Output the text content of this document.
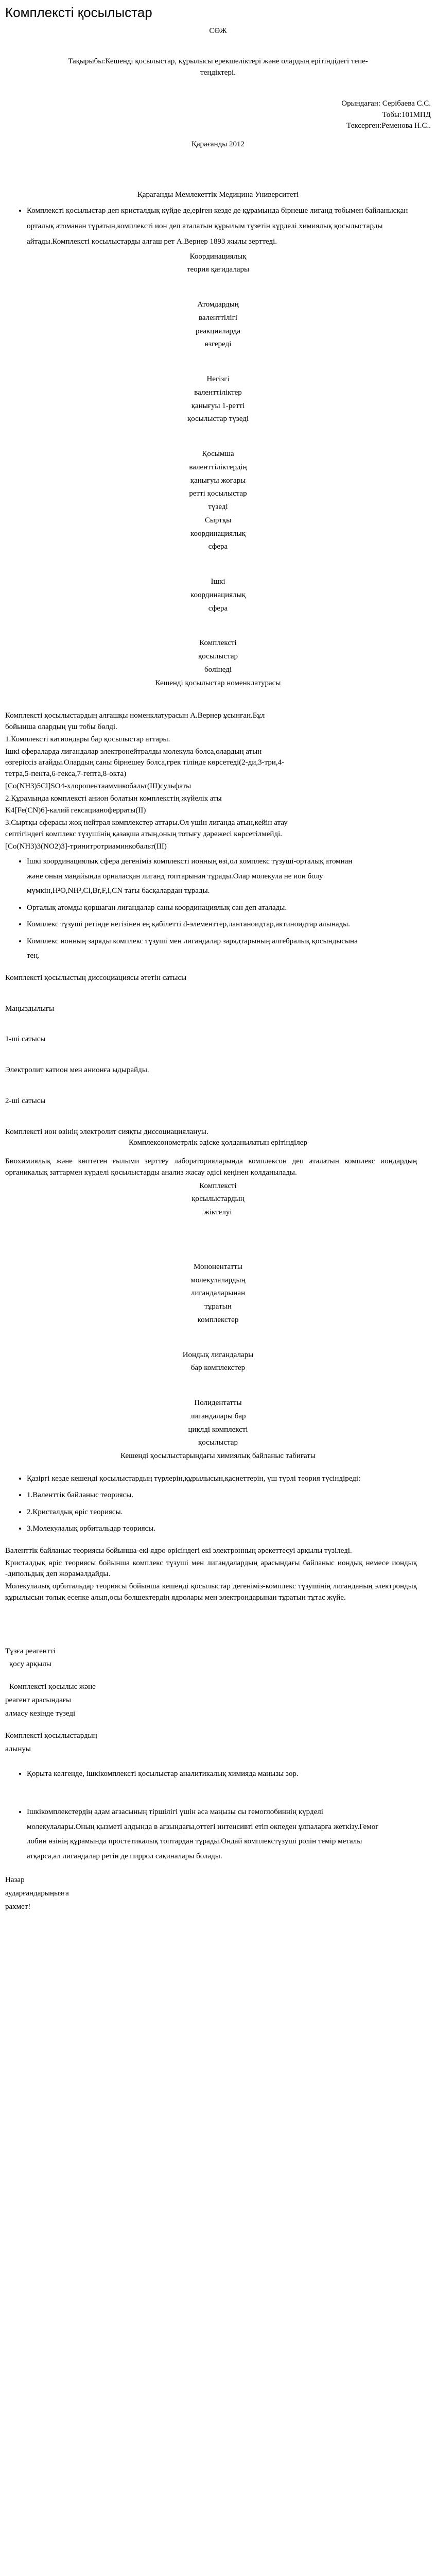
Комплексті қосылыстар

СӨЖ

Тақырыбы:Кешенді қосылыстар, құрылысы ерекшеліктері және олардың ерітіндідегі тепе-теңдіктері.

Орындаған: Серібаева С.С.

Тобы:101МПД

Тексерген:Ременова Н.С..

Қарағанды 2012

Қарағанды Мемлекеттік Медицина Университеті

• Комплексті қосылыстар деп кристалдық күйде де,еріген кезде де құрамында бірнеше лиганд тобымен байланысқан орталық атоманан тұратын,комплексті ион деп аталатын құрылым түзетін күрделі химиялық қосылыстарды айтады.Комплексті қосылыстарды алғаш рет А.Вернер 1893 жылы зерттеді.

Координациялық

теория қағидалары

Атомдардың

валенттілігі

реакцияларда

өзгереді

Негізгі

валенттіліктер

қанығуы 1-ретті

қосылыстар түзеді

Қосымша

валенттіліктердің

қанығуы жоғары

ретті қосылыстар

түзеді

Сыртқы

координациялық

сфера

Ішкі

координациялық

сфера

Комплексті

қосылыстар

бөлінеді

Кешенді қосылыстар номенклатурасы

Комплексті қосылыстардың алғашқы номенклатурасын А.Вернер ұсынған.Бұл бойынша олардың үш тобы бөлді.

1.Комплексті катиондары бар қосылыстар аттары.

Ішкі сфераларда лигандалар электронейтралды молекула болса,олардың атын өзгеріссіз атайды.Олардың саны бірнешеу болса,грек тілінде көрсетеді(2-ди,3-три,4-тетра,5-пента,6-гекса,7-гепта,8-окта)

[Co(NH3)5Cl]SO4-хлоропентааммикобальт(III)сульфаты

2.Құрамында комплексті анион болатын комплекстің жүйелік аты

K4[Fe(CN)6]-калий гексацианоферраты(II)

3.Сыртқы сферасы жоқ нейтрал комплекстер аттары.Ол ушін лиганда атын,кейін атау септігіндегі комплекс түзушінің қазақша атың,оның тотығу дәрежесі көрсетілмейді.

[Co(NH3)3(NO2)3]-тринитротриаминкобальт(III)

• Ішкі координациялық сфера дегеніміз комплексті ионның өзі,ол комплекс түзуші-орталық атомнан және оның маңайында орналасқан лиганд топтарынан тұрады.Олар молекула не ион болу мүмкін,H²O,NH³,Cl,Br,F,I,CN тағы басқалардан тұрады.
• Орталық атомды қоршаған лигандалар саны координациялық сан деп аталады.
• Комплекс түзуші ретінде негізінен ең қабілетті d-элементтер,лантаноидтар,актиноидтар алынады.
• Комплекс ионның заряды комплекс түзуші мен лигандалар зарядтарының алгебралық қосындысына тең.

Комплексті қосылыстың диссоциациясы әтетін сатысы

Маңыздылығы

1-ші сатысы

Электролит катион мен анионға ыдырайды.

2-ші сатысы

Комплексті ион өзінің электролит сияқты диссоциациялануы.

Комплексонометрлік әдіске қолданылатын ерітінділер

Биохимиялық және көптеген ғылыми зерттеу лабораторияларында комплексон деп аталатын комплекс иондардың органикалық заттармен күрделі қосылыстарды анализ жасау әдісі кеңінен қолданылады.

Комплексті

қосылыстардың

жіктелуі

Мононентатты

молекулалардың

лигандаларынан

тұратын

комплекстер

Иондық лигандалары

бар комплекстер

Полидентатты

лигандалары бар

циклді комплексті

қосылыстар

Кешенді қосылыстарындағы химиялық байланыс табиғаты

• Қазіргі кезде кешенді қосылыстардың түрлерін,құрылысын,қасиеттерін, үш түрлі теория түсіндіреді:
• 1.Валенттік байланыс теориясы.
• 2.Кристалдық өріс теориясы.
• 3.Молекулалық орбитальдар теориясы.

Валенттік байланыс теориясы бойынша-екі ядро өрісіндегі екі электронның әрекеттесуі арқылы түзіледі.

Кристалдық өріс теориясы бойынша комплекс түзуші мен лигандалардың арасындағы байланыс иондық немесе иондық -дипольдық деп жорамалдайды.

Молекулалық орбитальдар теориясы бойынша кешенді қосылыстар дегеніміз-комплекс түзушінің лиганданың электрондық құрылысын толық есепке алып,осы бөлшектердің ядролары мен электрондарынан тұратын тұтас жүйе.

Тұзға реагенттi

қосу арқылы

Комплексті қосылыс және

реагент арасындағы

алмасу кезінде түзеді

Комплексті қосылыстардың

алынуы

• Қорыта келгенде, ішкікомплексті қосылыстар аналитикалық химияда маңызы зор.
• Ішкікомплекстердің адам ағзасының тіршілігі үшін аса маңызы сы гемоглобиннің күрделі молекулалары.Оның қызметі алдында в ағзындағы,оттегі интенсивті етіп өкпеден ұлпаларға жеткізу.Гемог лобин өзінің құрамында простетикалық топтардан тұрады.Ондай комплекстүзуші ролін темір металы атқарса,ал лигандалар ретін де пиррол сақиналары болады.

Назар

аударғандарыңызға

рахмет!
